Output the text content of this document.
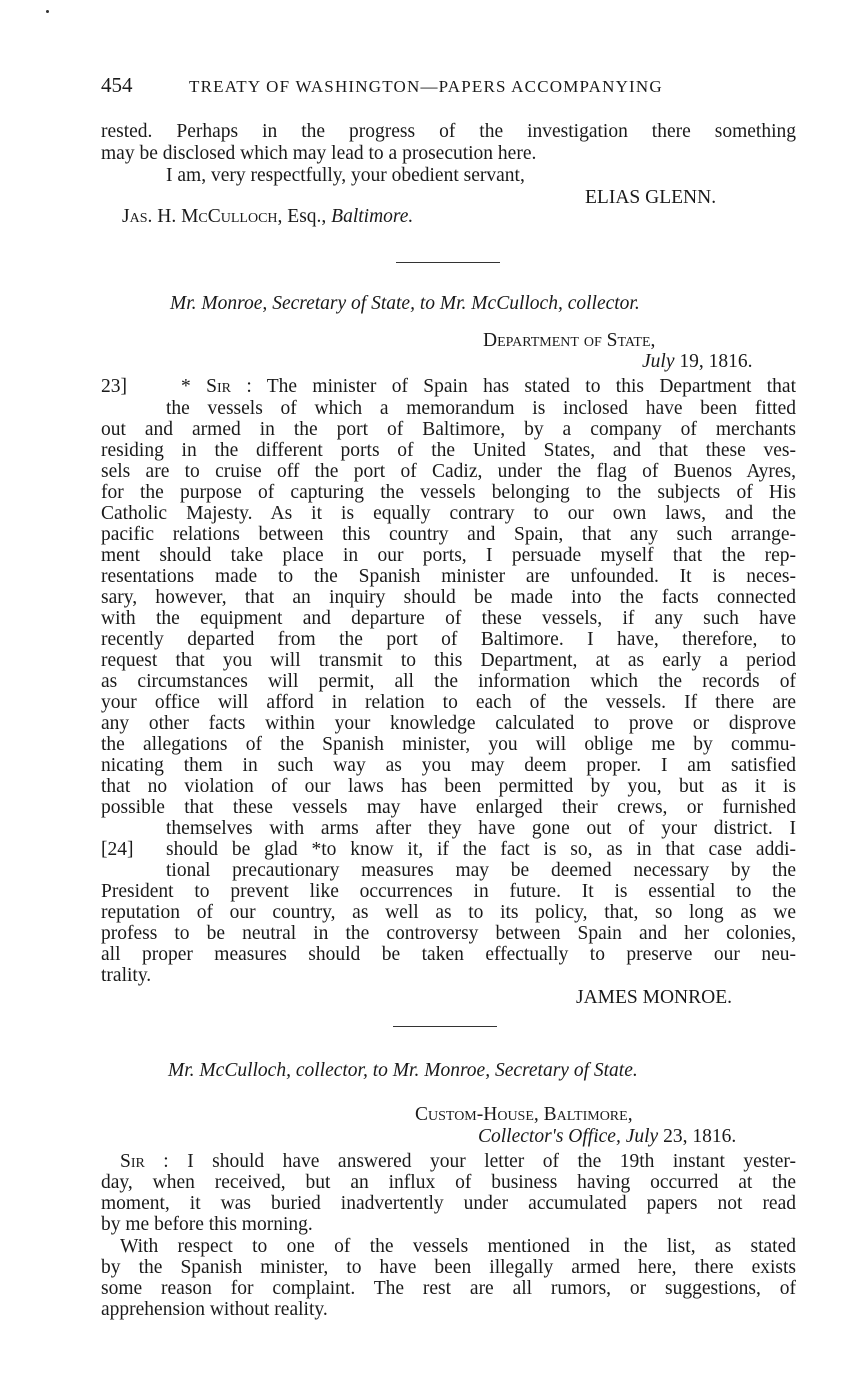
454	TREATY OF WASHINGTON—PAPERS ACCOMPANYING
rested. Perhaps in the progress of the investigation there something
may be disclosed which may lead to a prosecution here.
I am, very respectfully, your obedient servant,
ELIAS GLENN.
Jas. H. McCulloch, Esq., Baltimore.
Mr. Monroe, Secretary of State, to Mr. McCulloch, collector.
Department of State,
July 19, 1816.
23]	* Sir : The minister of Spain has stated to this Department that
the vessels of which a memorandum is inclosed have been fitted
out and armed in the port of Baltimore, by a company of merchants
residing in the different ports of the United States, and that these ves-
sels are to cruise off the port of Cadiz, under the flag of Buenos Ayres,
for the purpose of capturing the vessels belonging to the subjects of His
Catholic Majesty. As it is equally contrary to our own laws, and the
pacific relations between this country and Spain, that any such arrange-
ment should take place in our ports, I persuade myself that the rep-
resentations made to the Spanish minister are unfounded. It is neces-
sary, however, that an inquiry should be made into the facts connected
with the equipment and departure of these vessels, if any such have
recently departed from the port of Baltimore. I have, therefore, to
request that you will transmit to this Department, at as early a period
as circumstances will permit, all the information which the records of
your office will afford in relation to each of the vessels. If there are
any other facts within your knowledge calculated to prove or disprove
the allegations of the Spanish minister, you will oblige me by commu-
nicating them in such way as you may deem proper. I am satisfied
that no violation of our laws has been permitted by you, but as it is
possible that these vessels may have enlarged their crews, or furnished
themselves with arms after they have gone out of your district. I
[24] should be glad *to know it, if the fact is so, as in that case addi-
tional precautionary measures may be deemed necessary by the
President to prevent like occurrences in future. It is essential to the
reputation of our country, as well as to its policy, that, so long as we
profess to be neutral in the controversy between Spain and her colonies,
all proper measures should be taken effectually to preserve our neu-
trality.
JAMES MONROE.
Mr. McCulloch, collector, to Mr. Monroe, Secretary of State.
Custom-House, Baltimore,
Collector's Office, July 23, 1816.
Sir : I should have answered your letter of the 19th instant yester-
day, when received, but an influx of business having occurred at the
moment, it was buried inadvertently under accumulated papers not read
by me before this morning.
With respect to one of the vessels mentioned in the list, as stated
by the Spanish minister, to have been illegally armed here, there exists
some reason for complaint. The rest are all rumors, or suggestions, of
apprehension without reality.
